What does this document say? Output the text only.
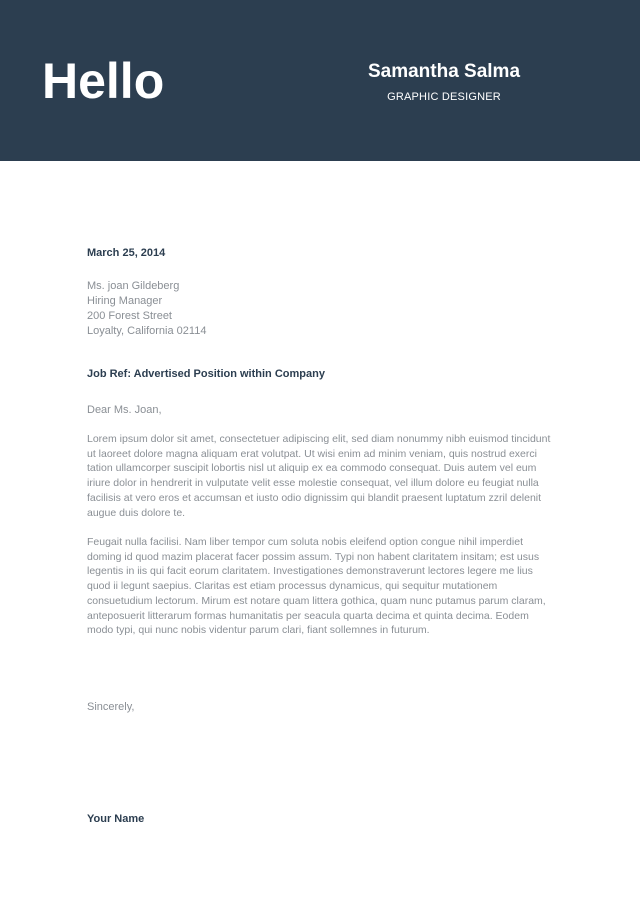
Hello	Samantha Salma
GRAPHIC DESIGNER
March 25, 2014
Ms. joan Gildeberg
Hiring Manager
200 Forest Street
Loyalty, California 02114
Job Ref: Advertised Position within Company
Dear Ms. Joan,
Lorem ipsum dolor sit amet, consectetuer adipiscing elit, sed diam nonummy nibh euismod tincidunt ut laoreet dolore magna aliquam erat volutpat. Ut wisi enim ad minim veniam, quis nostrud exerci tation ullamcorper suscipit lobortis nisl ut aliquip ex ea commodo consequat. Duis autem vel eum iriure dolor in hendrerit in vulputate velit esse molestie consequat, vel illum dolore eu feugiat nulla facilisis at vero eros et accumsan et iusto odio dignissim qui blandit praesent luptatum zzril delenit augue duis dolore te.
Feugait nulla facilisi. Nam liber tempor cum soluta nobis eleifend option congue nihil imperdiet doming id quod mazim placerat facer possim assum. Typi non habent claritatem insitam; est usus legentis in iis qui facit eorum claritatem. Investigationes demonstraverunt lectores legere me lius quod ii legunt saepius. Claritas est etiam processus dynamicus, qui sequitur mutationem consuetudium lectorum. Mirum est notare quam littera gothica, quam nunc putamus parum claram, anteposuerit litterarum formas humanitatis per seacula quarta decima et quinta decima. Eodem modo typi, qui nunc nobis videntur parum clari, fiant sollemnes in futurum.
Sincerely,
Your Name
